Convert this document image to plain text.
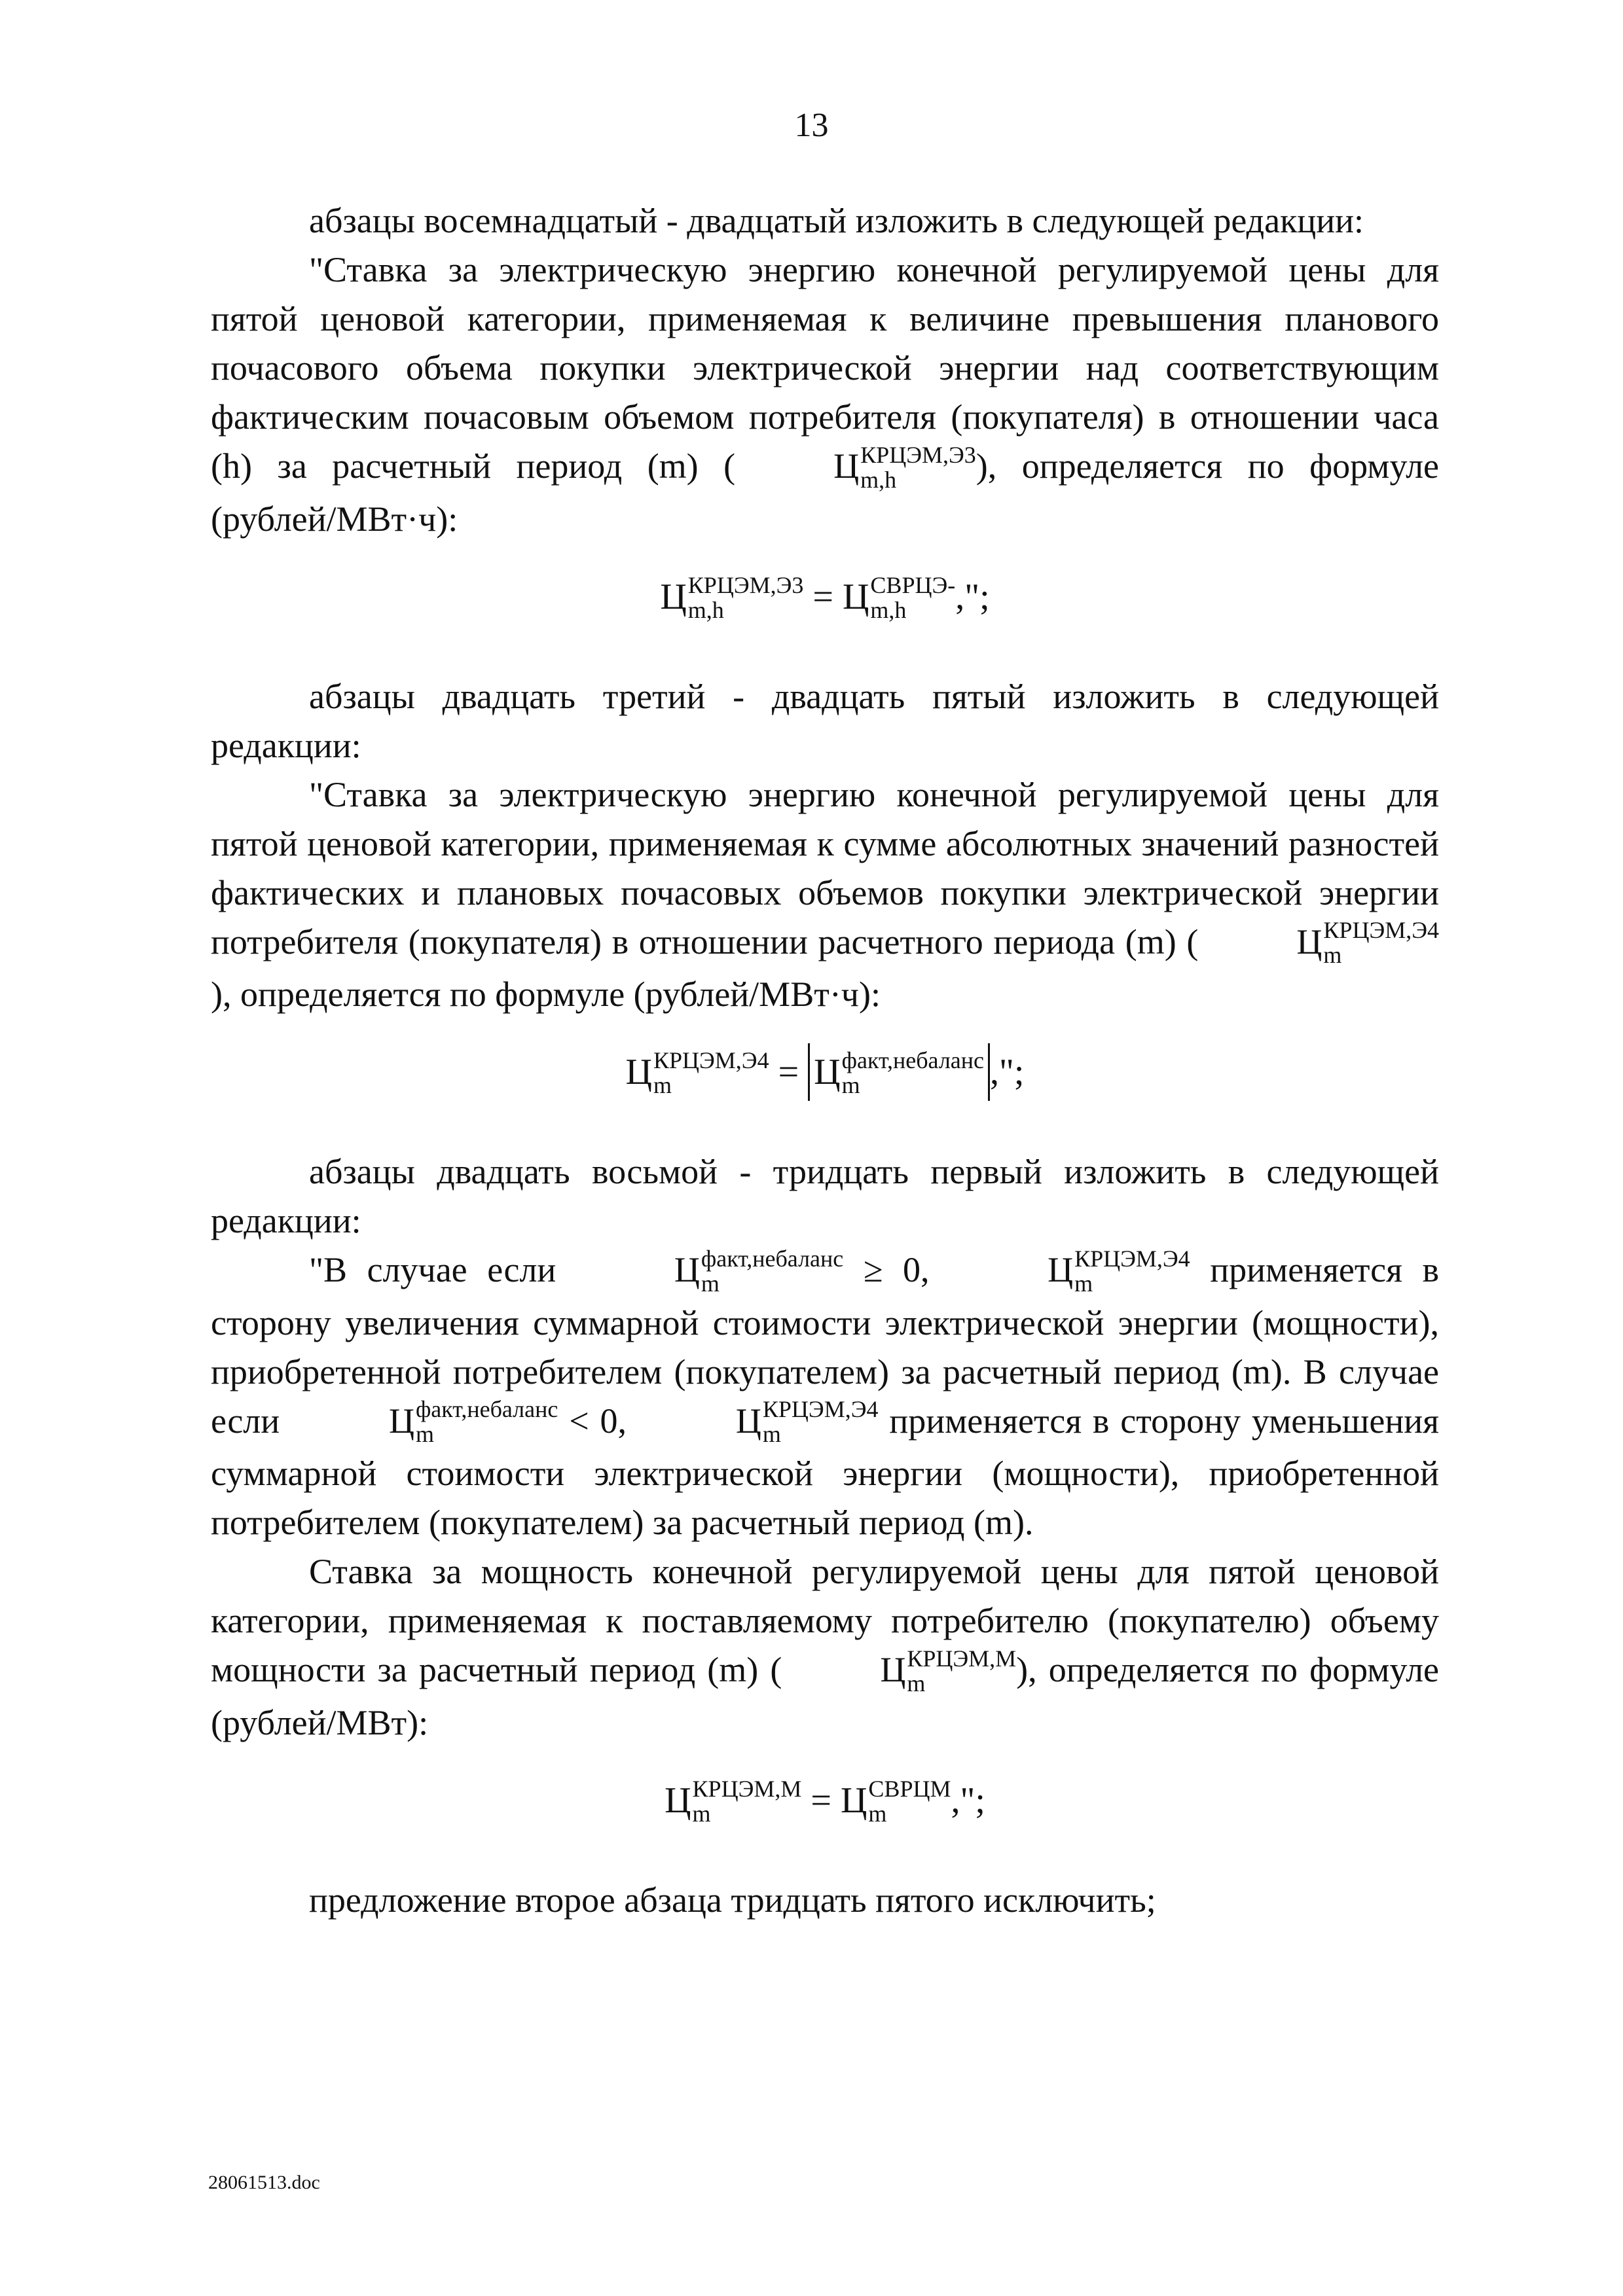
13

абзацы восемнадцатый - двадцатый изложить в следующей редакции:

"Ставка за электрическую энергию конечной регулируемой цены для пятой ценовой категории, применяемая к величине превышения планового почасового объема покупки электрической энергии над соответствующим фактическим почасовым объемом потребителя (покупателя) в отношении часа (h) за расчетный период (m) (	Ц КРЦЭМ,Э3
m,h	), определяется по формуле (рублей/МВт·ч):

Ц КРЦЭМ,Э3
m,h	= Ц СВРЦЭ-
m,h	,";

абзацы двадцать третий - двадцать пятый изложить в следующей редакции:

"Ставка за электрическую энергию конечной регулируемой цены для пятой ценовой категории, применяемая к сумме абсолютных значений разностей фактических и плановых почасовых объемов покупки электрической энергии потребителя (покупателя) в отношении расчетного периода (m) (	Ц КРЦЭМ,Э4
m
), определяется по формуле (рублей/МВт·ч):

Ц КРЦЭМ,Э4
m	= Ц факт,небаланс
m	,";

абзацы двадцать восьмой - тридцать первый изложить в следующей редакции:

"В случае если	Ц факт,небаланс
m	≥ 0,	Ц КРЦЭМ,Э4
m	применяется в сторону увеличения суммарной стоимости электрической энергии (мощности), приобретенной потребителем (покупателем) за расчетный период (m). В случае если	Ц факт,небаланс
m	< 0,	Ц КРЦЭМ,Э4
m	применяется в сторону уменьшения суммарной стоимости электрической энергии (мощности), приобретенной потребителем (покупателем) за расчетный период (m).

Ставка за мощность конечной регулируемой цены для пятой ценовой категории, применяемая к поставляемому потребителю (покупателю) объему мощности за расчетный период (m) (	Ц КРЦЭМ,М
m	), определяется по формуле (рублей/МВт):

Ц КРЦЭМ,М
m	= Ц СВРЦМ
m	,";

предложение второе абзаца тридцать пятого исключить;

28061513.doc
